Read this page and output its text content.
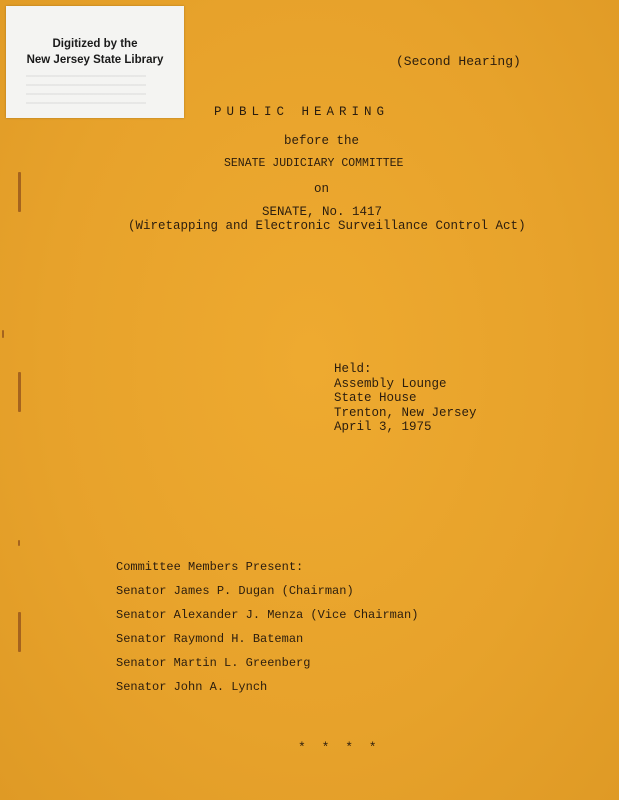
Digitized by the
New Jersey State Library	(Second Hearing)
PUBLIC HEARING
before the
SENATE JUDICIARY COMMITTEE
on
SENATE, No. 1417
(Wiretapping and Electronic Surveillance Control Act)
Held:
Assembly Lounge
State House
Trenton, New Jersey
April 3, 1975
Committee Members Present:
Senator James P. Dugan (Chairman)
Senator Alexander J. Menza (Vice Chairman)
Senator Raymond H. Bateman
Senator Martin L. Greenberg
Senator John A. Lynch
* * * *
